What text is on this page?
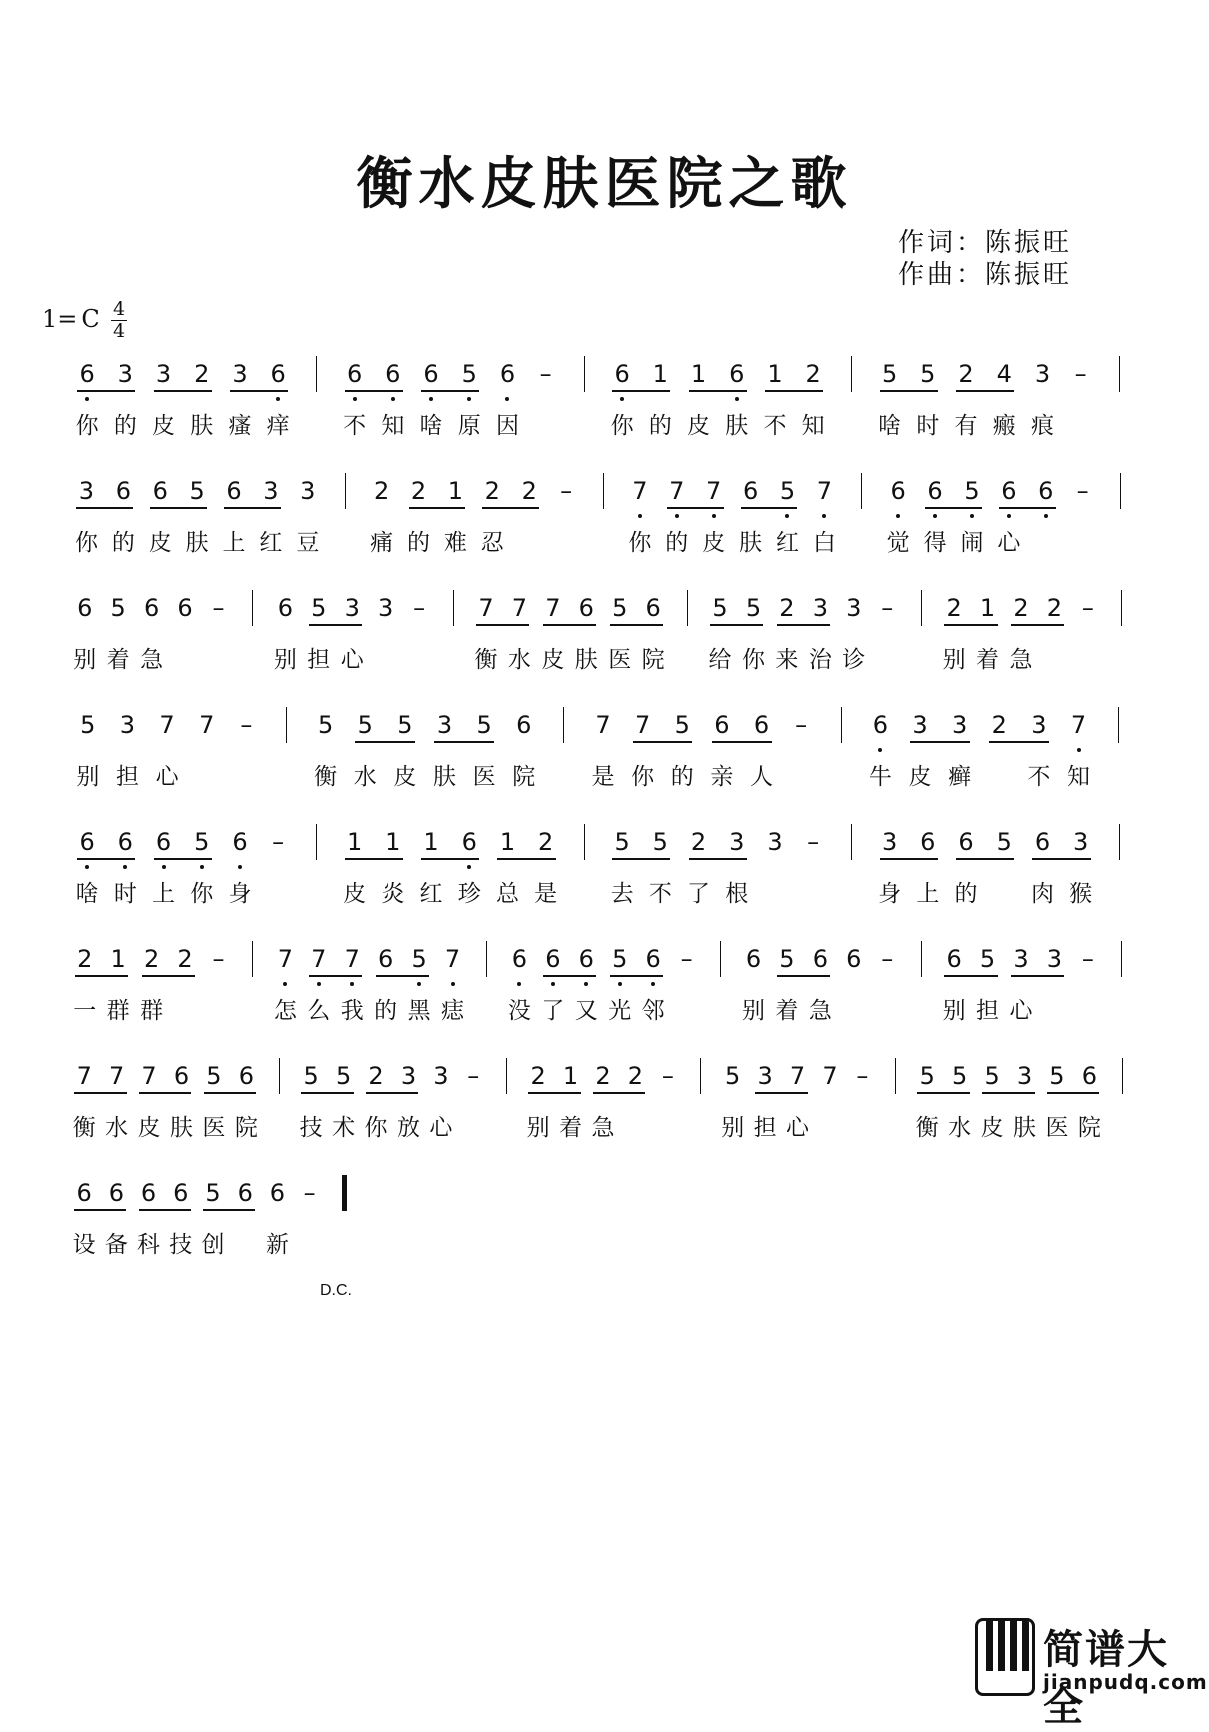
衡水皮肤医院之歌
作词：陈振旺
作曲：陈振旺
1= C 4
4
6
你
3
的
3
皮
2
肤
3
瘙
6
痒
6
不
6
知
6
啥
5
原
6
因
–	6
你
1
的
1
皮
6
肤
1
不
2
知
5
啥
5
时
2
有
4
瘢
3
痕
–
3
你
6
的
6
皮
5
肤
6
上
3
红
3
豆
2
痛
2
的
1
难
2
忍
2 –	7
你
7
的
7
皮
6
肤
5
红
7
白
6
觉
6
得
5
闹
6
心
6 –
6
别
5
着
6
急
6 – 6
别
5
担
3
心
3 – 7
衡
7
水
7
皮
6
肤
5
医
6
院
5
给
5
你
2
来
3
治
3
诊
– 2
别
1
着
2
急
2 –
5
别
3
担
7
心
7 –	5
衡
5
水
5
皮
3
肤
5
医
6
院
7
是
7
你
5
的
6
亲
6
人
–	6
牛
3
皮
3
癣
2 3
不
7
知
6
啥
6
时
6
上
5
你
6
身
–	1
皮
1
炎
1
红
6
珍
1
总
2
是
5
去
5
不
2
了
3
根
3 –	3
身
6
上
6
的
5 6
肉
3
猴
2
一
1
群
2
群
2 – 7
怎
7
么
7
我
6
的
5
黑
7
痣
6
没
6
了
6
又
5
光
6
邻
– 6
别
5
着
6
急
6 – 6
别
5
担
3
心
3 –
7
衡
7
水
7
皮
6
肤
5
医
6
院
5
技
5
术
2
你
3
放
3
心
– 2
别
1
着
2
急
2 – 5
别
3
担
7
心
7 – 5
衡
5
水
5
皮
3
肤
5
医
6
院
6
设
6
备
6
科
6
技
5
创
6 6
新
–
D.C.
简谱大全
jianpudq.com
